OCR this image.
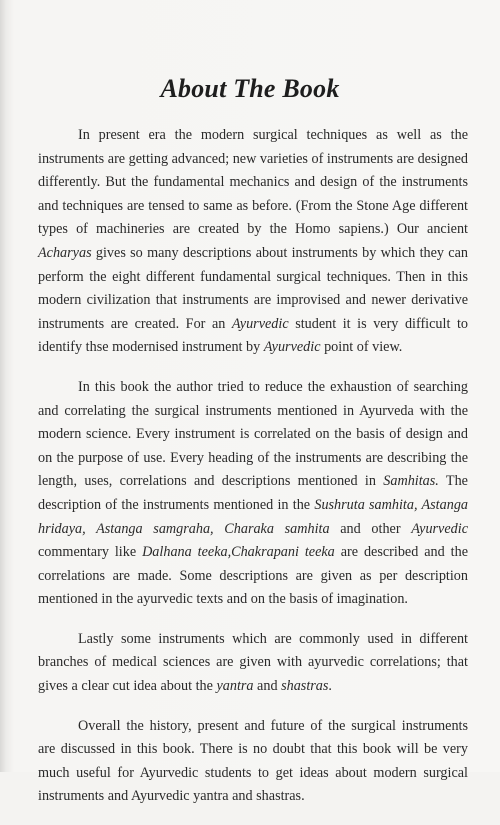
About The Book

In present era the modern surgical techniques as well as the instruments are getting advanced; new varieties of instruments are designed differently. But the fundamental mechanics and design of the instruments and techniques are tensed to same as before. (From the Stone Age different types of machineries are created by the Homo sapiens.) Our ancient Acharyas gives so many descriptions about instruments by which they can perform the eight different fundamental surgical techniques. Then in this modern civilization that instruments are improvised and newer derivative instruments are created. For an Ayurvedic student it is very difficult to identify thse modernised instrument by Ayurvedic point of view.

In this book the author tried to reduce the exhaustion of searching and correlating the surgical instruments mentioned in Ayurveda with the modern science. Every instrument is correlated on the basis of design and on the purpose of use. Every heading of the instruments are describing the length, uses, correlations and descriptions mentioned in Samhitas. The description of the instruments mentioned in the Sushruta samhita, Astanga hridaya, Astanga samgraha, Charaka samhita and other Ayurvedic commentary like Dalhana teeka,Chakrapani teeka are described and the correlations are made. Some descriptions are given as per description mentioned in the ayurvedic texts and on the basis of imagination.

Lastly some instruments which are commonly used in different branches of medical sciences are given with ayurvedic correlations; that gives a clear cut idea about the yantra and shastras.

Overall the history, present and future of the surgical instruments are discussed in this book. There is no doubt that this book will be very much useful for Ayurvedic students to get ideas about modern surgical instruments and Ayurvedic yantra and shastras.
